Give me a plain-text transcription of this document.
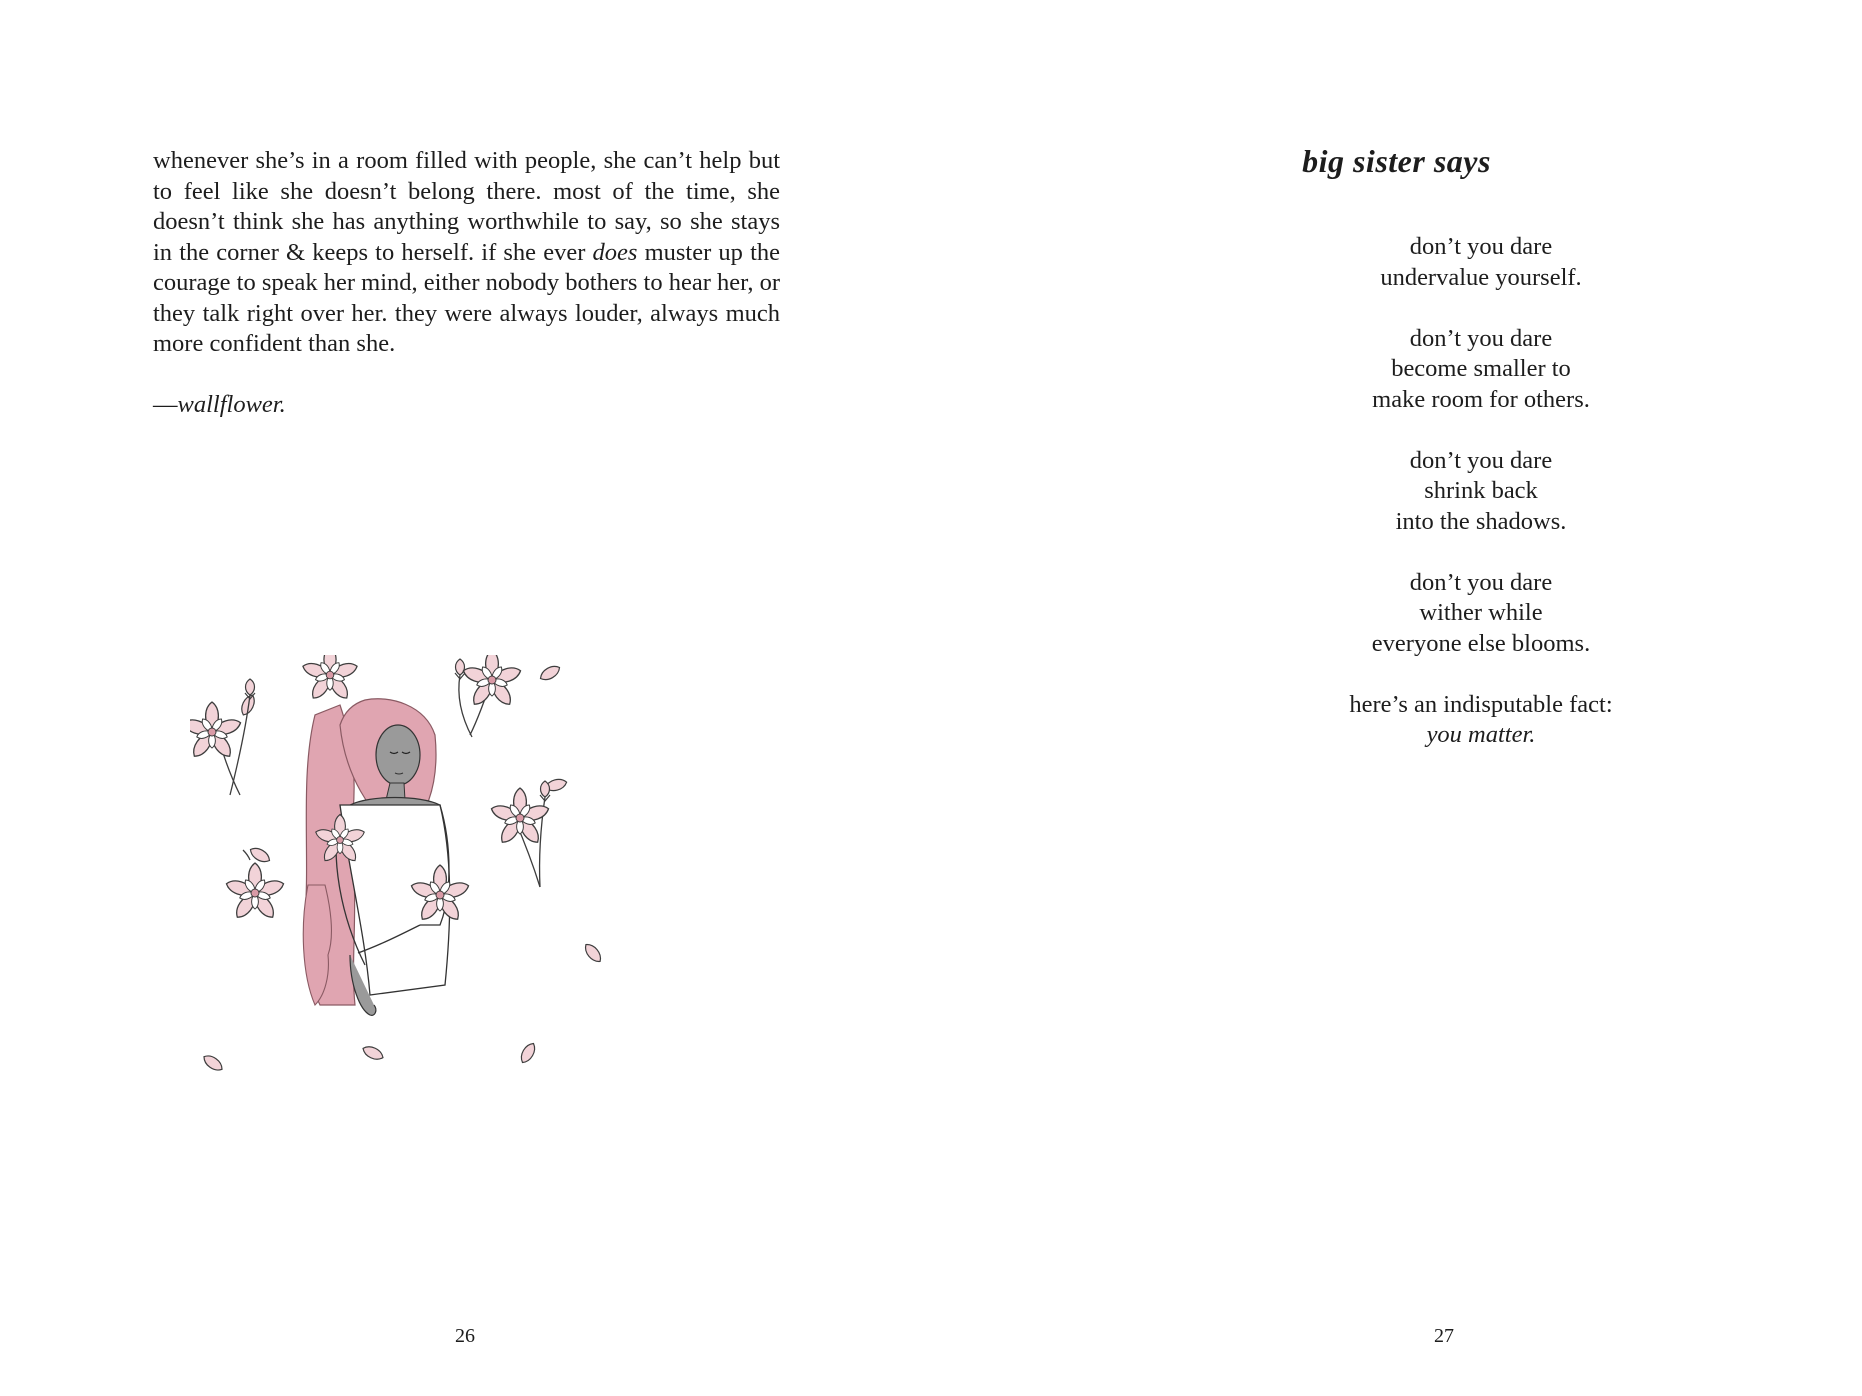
whenever she’s in a room filled with people, she can’t help but to feel like she doesn’t belong there. most of the time, she doesn’t think she has anything worthwhile to say, so she stays in the corner & keeps to herself. if she ever does muster up the courage to speak her mind, either nobody bothers to hear her, or they talk right over her. they were always louder, always much more confident than she.

—wallflower.
26
big sister says
don’t you dare
undervalue yourself.
don’t you dare
become smaller to
make room for others.
don’t you dare
shrink back
into the shadows.
don’t you dare
wither while
everyone else blooms.
here’s an indisputable fact:
you matter.
27
